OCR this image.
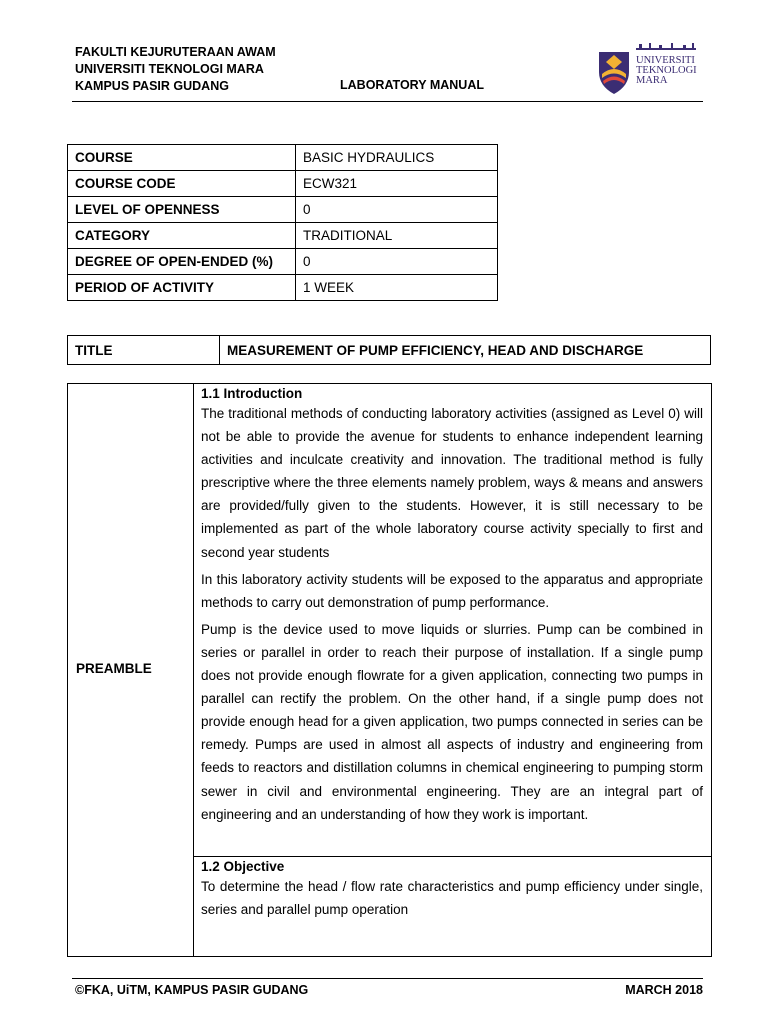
FAKULTI KEJURUTERAAN AWAM
UNIVERSITI TEKNOLOGI MARA
KAMPUS PASIR GUDANG	LABORATORY MANUAL
UNIVERSITI
TEKNOLOGI
MARA
COURSE	BASIC HYDRAULICS
COURSE CODE	ECW321
LEVEL OF OPENNESS	0
CATEGORY	TRADITIONAL
DEGREE OF OPEN-ENDED (%)	0
PERIOD OF ACTIVITY	1 WEEK
TITLE	MEASUREMENT OF PUMP EFFICIENCY, HEAD AND DISCHARGE
PREAMBLE
1.1 Introduction

The traditional methods of conducting laboratory activities (assigned as Level 0) will not be able to provide the avenue for students to enhance independent learning activities and inculcate creativity and innovation. The traditional method is fully prescriptive where the three elements namely problem, ways & means and answers are provided/fully given to the students. However, it is still necessary to be implemented as part of the whole laboratory course activity specially to first and second year students

In this laboratory activity students will be exposed to the apparatus and appropriate methods to carry out demonstration of pump performance.

Pump is the device used to move liquids or slurries. Pump can be combined in series or parallel in order to reach their purpose of installation. If a single pump does not provide enough flowrate for a given application, connecting two pumps in parallel can rectify the problem. On the other hand, if a single pump does not provide enough head for a given application, two pumps connected in series can be remedy. Pumps are used in almost all aspects of industry and engineering from feeds to reactors and distillation columns in chemical engineering to pumping storm sewer in civil and environmental engineering. They are an integral part of engineering and an understanding of how they work is important.

1.2 Objective

To determine the head / flow rate characteristics and pump efficiency under single, series and parallel pump operation

©FKA, UiTM, KAMPUS PASIR GUDANG	MARCH 2018
